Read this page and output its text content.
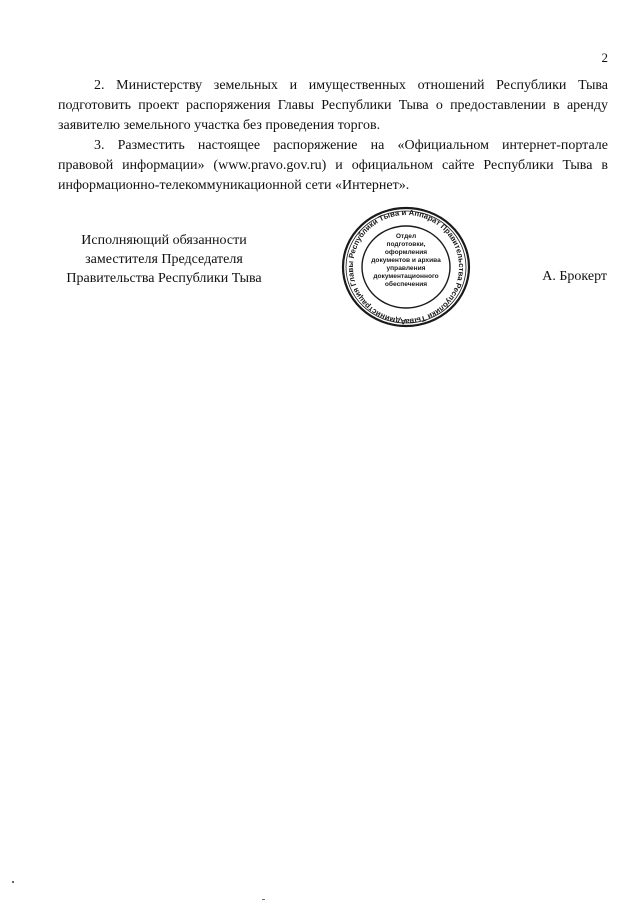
2

2. Министерству земельных и имущественных отношений Республики Тыва подготовить проект распоряжения Главы Республики Тыва о предоставлении в аренду заявителю земельного участка без проведения торгов.

3. Разместить настоящее распоряжение на «Официальном интернет-портале правовой информации» (www.pravo.gov.ru) и официальном сайте Республики Тыва в информационно-телекоммуникационной сети «Интернет».

Исполняющий обязанности
заместителя Председателя
Правительства Республики Тыва
Администрация Главы Республики Тыва и Аппарат Правительства Республики Тыва
Отдел
подготовки,
оформления
документов и архива
управления
документационного
обеспечения
А. Брокерт
